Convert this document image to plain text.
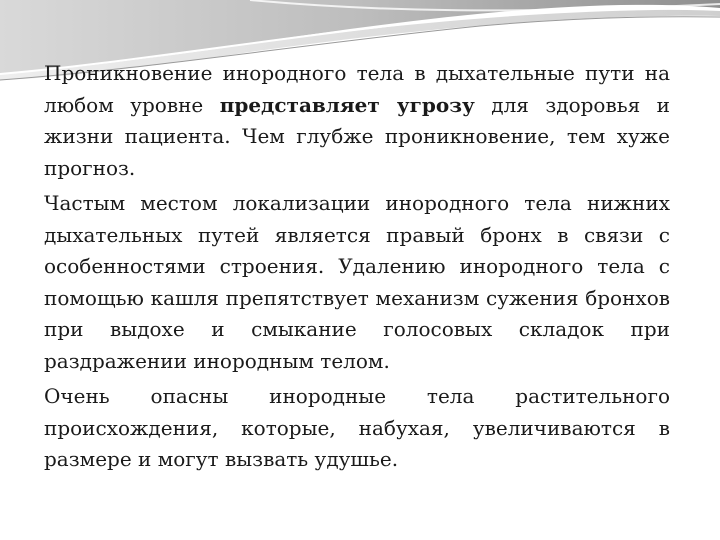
Проникновение инородного тела в дыхательные пути на любом уровне представляет угрозу для здоровья и жизни пациента. Чем глубже проникновение, тем хуже прогноз.

Частым местом локализации инородного тела нижних дыхательных путей является правый бронх в связи с особенностями строения. Удалению инородного тела с помощью кашля препятствует механизм сужения бронхов при выдохе и смыкание голосовых складок при раздражении инородным телом.

Очень опасны инородные тела растительного происхождения, которые, набухая, увеличиваются в размере и могут вызвать удушье.
